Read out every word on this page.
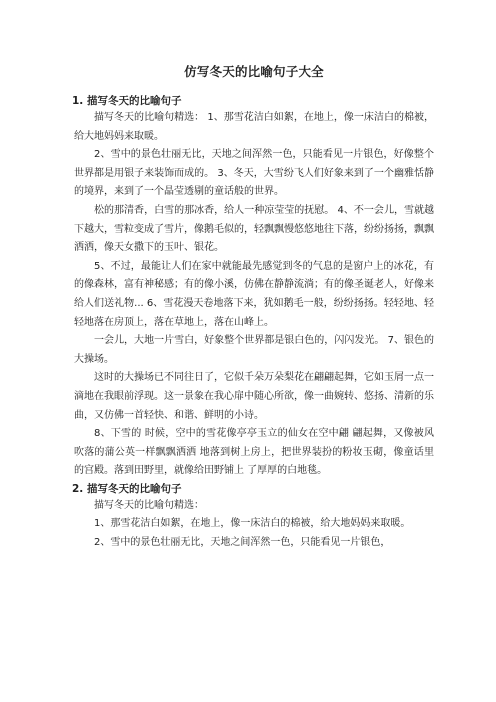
仿写冬天的比喻句子大全
1. 描写冬天的比喻句子

描写冬天的比喻句精选： 1、那雪花洁白如絮，在地上，像一床洁白的棉被，给大地妈妈来取暖。

2、雪中的景色壮丽无比，天地之间浑然一色，只能看见一片银色，好像整个世界都是用银子来装饰而成的。 3、冬天，大雪纷飞人们好象来到了一个幽雅恬静的境界，来到了一个晶莹透剔的童话般的世界。

松的那清香，白雪的那冰香，给人一种凉莹莹的抚慰。 4、不一会儿，雪就越下越大，雪粒变成了雪片，像鹅毛似的，轻飘飘慢悠悠地往下落，纷纷扬扬，飘飘洒洒，像天女撒下的玉叶、银花。

5、不过，最能让人们在家中就能最先感觉到冬的气息的是窗户上的冰花，有的像森林，富有神秘感；有的像小溪，仿佛在静静流淌；有的像圣诞老人，好像来给人们送礼物... 6、雪花漫天卷地落下来，犹如鹅毛一般，纷纷扬扬。轻轻地、轻轻地落在房顶上，落在草地上，落在山峰上。

一会儿，大地一片雪白，好象整个世界都是银白色的，闪闪发光。 7、银色的大操场。

这时的大操场已不同往日了，它似千朵万朵梨花在翩翩起舞，它如玉屑一点一滴地在我眼前浮现。这一景象在我心扉中随心所欲，像一曲婉转、悠扬、清新的乐曲，又仿佛一首轻快、和谐、鲜明的小诗。

8、下雪的 时候，空中的雪花像亭亭玉立的仙女在空中翩 翩起舞，又像被风吹落的蒲公英一样飘飘洒洒 地落到树上房上，把世界装扮的粉妆玉砌，像童话里的宫殿。落到田野里，就像给田野铺上 了厚厚的白地毯。

2. 描写冬天的比喻句子

描写冬天的比喻句精选：

1、那雪花洁白如絮，在地上，像一床洁白的棉被，给大地妈妈来取暖。

2、雪中的景色壮丽无比，天地之间浑然一色，只能看见一片银色，
